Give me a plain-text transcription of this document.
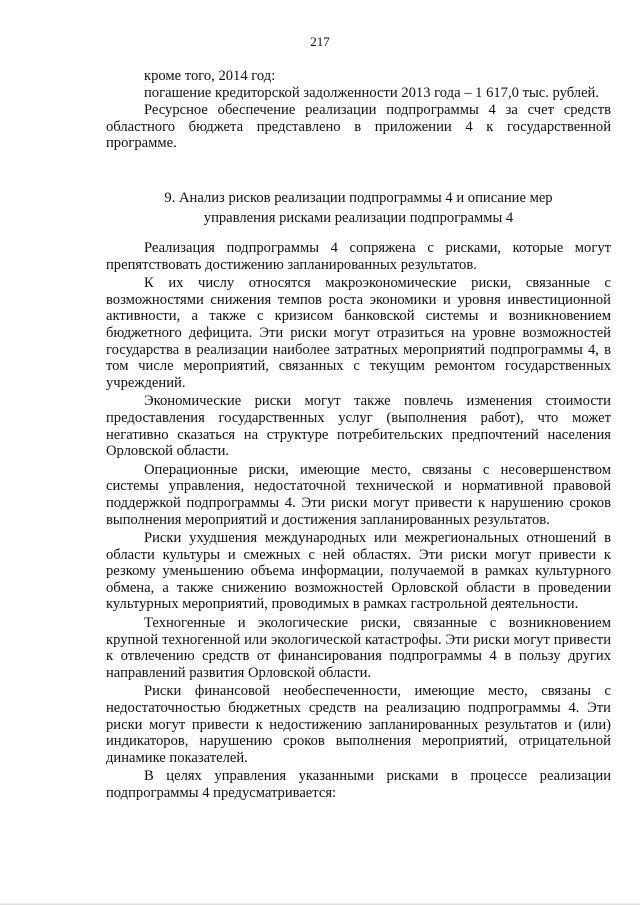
217

кроме того, 2014 год:

погашение кредиторской задолженности 2013 года – 1 617,0 тыс. рублей.

Ресурсное обеспечение реализации подпрограммы 4 за счет средств областного бюджета представлено в приложении 4 к государственной программе.

9. Анализ рисков реализации подпрограммы 4 и описание мер

управления рисками реализации подпрограммы 4

Реализация подпрограммы 4 сопряжена с рисками, которые могут препятствовать достижению запланированных результатов.

К их числу относятся макроэкономические риски, связанные с возможностями снижения темпов роста экономики и уровня инвестиционной активности, а также с кризисом банковской системы и возникновением бюджетного дефицита. Эти риски могут отразиться на уровне возможностей государства в реализации наиболее затратных мероприятий подпрограммы 4, в том числе мероприятий, связанных с текущим ремонтом государственных учреждений.

Экономические риски могут также повлечь изменения стоимости предоставления государственных услуг (выполнения работ), что может негативно сказаться на структуре потребительских предпочтений населения Орловской области.

Операционные риски, имеющие место, связаны с несовершенством системы управления, недостаточной технической и нормативной правовой поддержкой подпрограммы 4. Эти риски могут привести к нарушению сроков выполнения мероприятий и достижения запланированных результатов.

Риски ухудшения международных или межрегиональных отношений в области культуры и смежных с ней областях. Эти риски могут привести к резкому уменьшению объема информации, получаемой в рамках культурного обмена, а также снижению возможностей Орловской области в проведении культурных мероприятий, проводимых в рамках гастрольной деятельности.

Техногенные и экологические риски, связанные с возникновением крупной техногенной или экологической катастрофы. Эти риски могут привести к отвлечению средств от финансирования подпрограммы 4 в пользу других направлений развития Орловской области.

Риски финансовой необеспеченности, имеющие место, связаны с недостаточностью бюджетных средств на реализацию подпрограммы 4. Эти риски могут привести к недостижению запланированных результатов и (или) индикаторов, нарушению сроков выполнения мероприятий, отрицательной динамике показателей.

В целях управления указанными рисками в процессе реализации подпрограммы 4 предусматривается:
